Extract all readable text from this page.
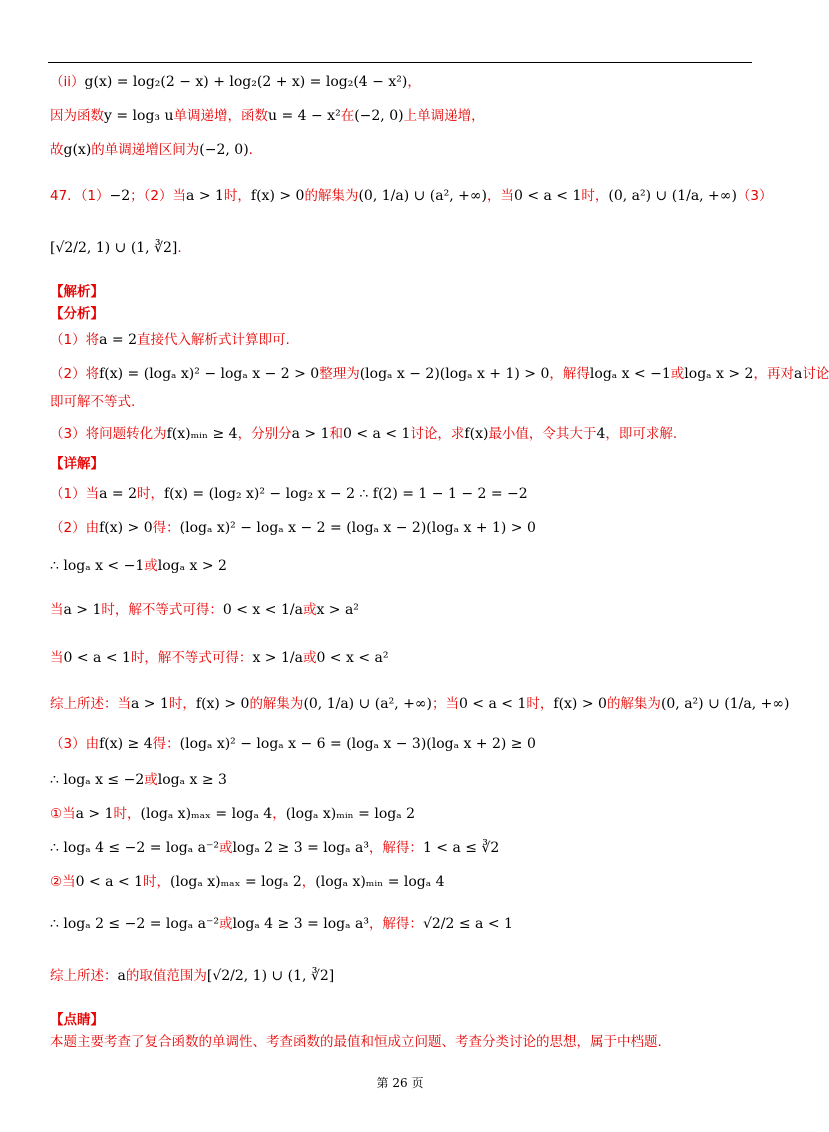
（ii）g(x) = log₂(2 − x) + log₂(2 + x) = log₂(4 − x²)，
因为函数y = log₃ u单调递增，函数u = 4 − x²在(−2, 0)上单调递增，
故g(x)的单调递增区间为(−2, 0).
47．（1）−2；（2）当a > 1时，f(x) > 0的解集为(0, 1/a) ∪ (a², +∞)，当0 < a < 1时，(0, a²) ∪ (1/a, +∞)（3）
[√2/2, 1) ∪ (1, ∛2].
【解析】
【分析】
（1）将a = 2直接代入解析式计算即可.
（2）将f(x) = (logₐ x)² − logₐ x − 2 > 0整理为(logₐ x − 2)(logₐ x + 1) > 0，解得logₐ x < −1或logₐ x > 2，再对a讨论
即可解不等式.
（3）将问题转化为f(x)ₘᵢₙ ≥ 4，分别分a > 1和0 < a < 1讨论，求f(x)最小值，令其大于4，即可求解.
【详解】
（1）当a = 2时，f(x) = (log₂ x)² − log₂ x − 2 ∴ f(2) = 1 − 1 − 2 = −2
（2）由f(x) > 0得：(logₐ x)² − logₐ x − 2 = (logₐ x − 2)(logₐ x + 1) > 0
∴ logₐ x < −1或logₐ x > 2
当a > 1时，解不等式可得：0 < x < 1/a或x > a²
当0 < a < 1时，解不等式可得：x > 1/a或0 < x < a²
综上所述：当a > 1时，f(x) > 0的解集为(0, 1/a) ∪ (a², +∞)；当0 < a < 1时，f(x) > 0的解集为(0, a²) ∪ (1/a, +∞)
（3）由f(x) ≥ 4得：(logₐ x)² − logₐ x − 6 = (logₐ x − 3)(logₐ x + 2) ≥ 0
∴ logₐ x ≤ −2或logₐ x ≥ 3
①当a > 1时，(logₐ x)ₘₐₓ = logₐ 4，(logₐ x)ₘᵢₙ = logₐ 2
∴ logₐ 4 ≤ −2 = logₐ a⁻²或logₐ 2 ≥ 3 = logₐ a³，解得：1 < a ≤ ∛2
②当0 < a < 1时，(logₐ x)ₘₐₓ = logₐ 2，(logₐ x)ₘᵢₙ = logₐ 4
∴ logₐ 2 ≤ −2 = logₐ a⁻²或logₐ 4 ≥ 3 = logₐ a³，解得：√2/2 ≤ a < 1
综上所述：a的取值范围为[√2/2, 1) ∪ (1, ∛2]
【点睛】
本题主要考查了复合函数的单调性、考查函数的最值和恒成立问题、考查分类讨论的思想，属于中档题.
第 26 页
